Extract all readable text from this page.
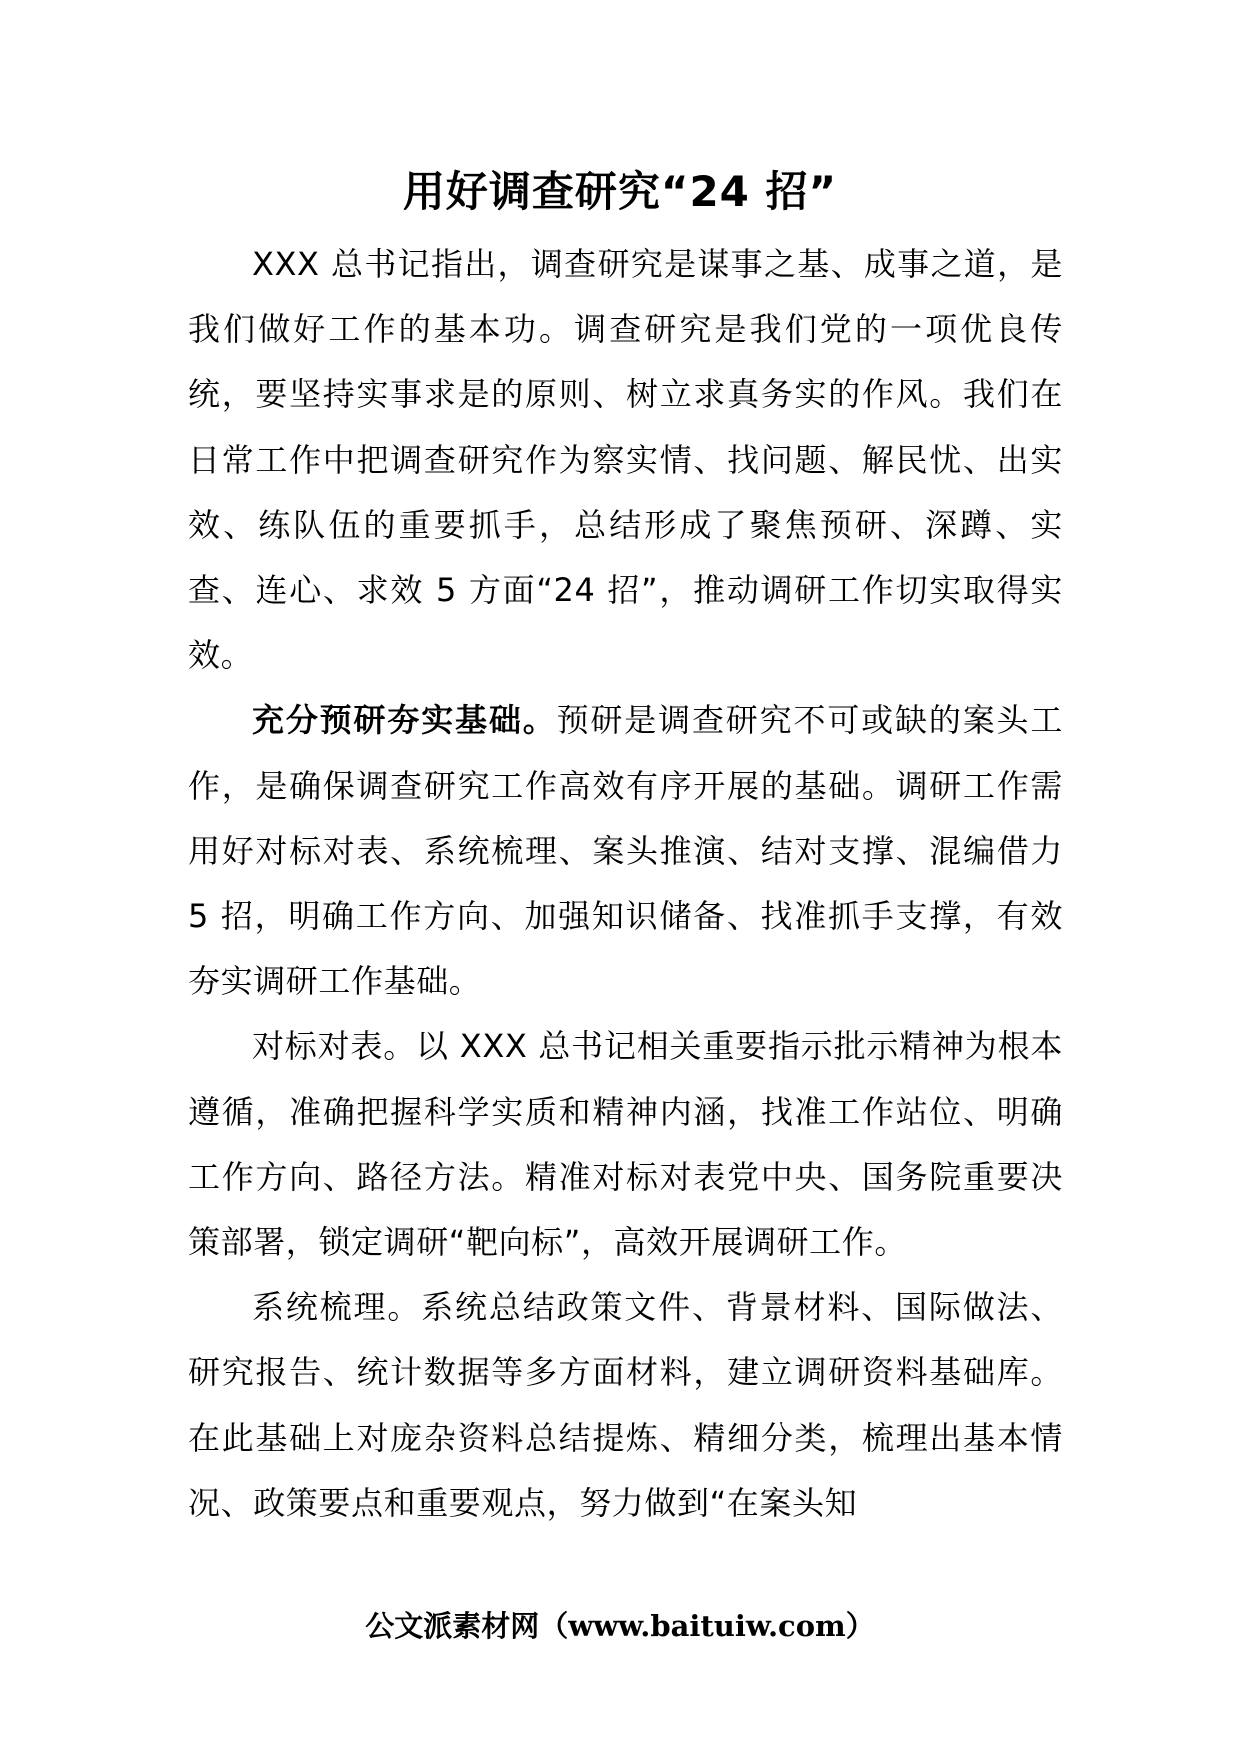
用好调查研究“24 招”

XXX 总书记指出，调查研究是谋事之基、成事之道，是我们做好工作的基本功。调查研究是我们党的一项优良传统，要坚持实事求是的原则、树立求真务实的作风。我们在日常工作中把调查研究作为察实情、找问题、解民忧、出实效、练队伍的重要抓手，总结形成了聚焦预研、深蹲、实查、连心、求效 5 方面“24 招”，推动调研工作切实取得实效。

充分预研夯实基础。预研是调查研究不可或缺的案头工作，是确保调查研究工作高效有序开展的基础。调研工作需用好对标对表、系统梳理、案头推演、结对支撑、混编借力 5 招，明确工作方向、加强知识储备、找准抓手支撑，有效夯实调研工作基础。

对标对表。以 XXX 总书记相关重要指示批示精神为根本遵循，准确把握科学实质和精神内涵，找准工作站位、明确工作方向、路径方法。精准对标对表党中央、国务院重要决策部署，锁定调研“靶向标”，高效开展调研工作。

系统梳理。系统总结政策文件、背景材料、国际做法、研究报告、统计数据等多方面材料，建立调研资料基础库。在此基础上对庞杂资料总结提炼、精细分类，梳理出基本情况、政策要点和重要观点，努力做到“在案头知

公文派素材网（www.baituiw.com）
